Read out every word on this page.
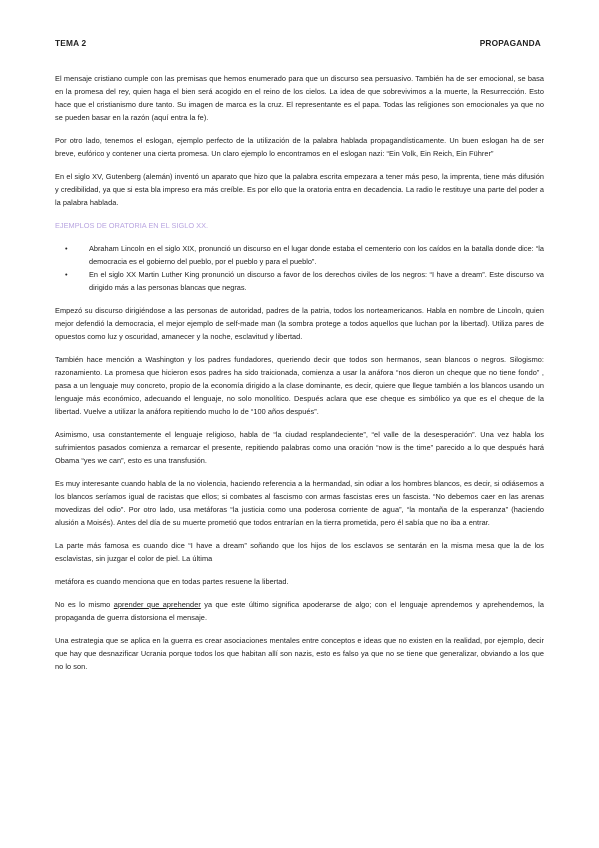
TEMA 2	PROPAGANDA

El mensaje cristiano cumple con las premisas que hemos enumerado para que un discurso sea persuasivo. También ha de ser emocional, se basa en la promesa del rey, quien haga el bien será acogido en el reino de los cielos. La idea de que sobrevivimos a la muerte, la Resurrección. Esto hace que el cristianismo dure tanto. Su imagen de marca es la cruz. El representante es el papa. Todas las religiones son emocionales ya que no se pueden basar en la razón (aquí entra la fe).

Por otro lado, tenemos el eslogan, ejemplo perfecto de la utilización de la palabra hablada propagandísticamente. Un buen eslogan ha de ser breve, eufórico y contener una cierta promesa. Un claro ejemplo lo encontramos en el eslogan nazi: “Ein Volk, Ein Reich, Ein Führer”

En el siglo XV, Gutenberg (alemán) inventó un aparato que hizo que la palabra escrita empezara a tener más peso, la imprenta, tiene más difusión y credibilidad, ya que si esta bla impreso era más creíble. Es por ello que la oratoria entra en decadencia. La radio le restituye una parte del poder a la palabra hablada.

EJEMPLOS DE ORATORIA EN EL SIGLO XX.
•	Abraham Lincoln en el siglo XIX, pronunció un discurso en el lugar donde estaba el cementerio con los caídos en la batalla donde dice: “la democracia es el gobierno del pueblo, por el pueblo y para el pueblo”.
•	En el siglo XX Martin Luther King pronunció un discurso a favor de los derechos civiles de los negros: “I have a dream”. Este discurso va dirigido más a las personas blancas que negras.

Empezó su discurso dirigiéndose a las personas de autoridad, padres de la patria, todos los norteamericanos. Habla en nombre de Lincoln, quien mejor defendió la democracia, el mejor ejemplo de self-made man (la sombra protege a todos aquellos que luchan por la libertad). Utiliza pares de opuestos como luz y oscuridad, amanecer y la noche, esclavitud y libertad.

También hace mención a Washington y los padres fundadores, queriendo decir que todos son hermanos, sean blancos o negros. Silogismo: razonamiento. La promesa que hicieron esos padres ha sido traicionada, comienza a usar la anáfora “nos dieron un cheque que no tiene fondo” , pasa a un lenguaje muy concreto, propio de la economía dirigido a la clase dominante, es decir, quiere que llegue también a los blancos usando un lenguaje más económico, adecuando el lenguaje, no solo monolítico. Después aclara que ese cheque es simbólico ya que es el cheque de la libertad. Vuelve a utilizar la anáfora repitiendo mucho lo de “100 años después”.

Asimismo, usa constantemente el lenguaje religioso, habla de “la ciudad resplandeciente”, “el valle de la desesperación”. Una vez habla los sufrimientos pasados comienza a remarcar el presente, repitiendo palabras como una oración “now is the time” parecido a lo que después hará Obama “yes we can”, esto es una transfusión.

Es muy interesante cuando habla de la no violencia, haciendo referencia a la hermandad, sin odiar a los hombres blancos, es decir, si odiásemos a los blancos seríamos igual de racistas que ellos; si combates al fascismo con armas fascistas eres un fascista. “No debemos caer en las arenas movedizas del odio”. Por otro lado, usa metáforas “la justicia como una poderosa corriente de agua”, “la montaña de la esperanza” (haciendo alusión a Moisés). Antes del día de su muerte prometió que todos entrarían en la tierra prometida, pero él sabía que no iba a entrar.

La parte más famosa es cuando dice “I have a dream” soñando que los hijos de los esclavos se sentarán en la misma mesa que la de los esclavistas, sin juzgar el color de piel. La última

metáfora es cuando menciona que en todas partes resuene la libertad.

No es lo mismo aprender que aprehender ya que este último significa apoderarse de algo; con el lenguaje aprendemos y aprehendemos, la propaganda de guerra distorsiona el mensaje.

Una estrategia que se aplica en la guerra es crear asociaciones mentales entre conceptos e ideas que no existen en la realidad, por ejemplo, decir que hay que desnazificar Ucrania porque todos los que habitan allí son nazis, esto es falso ya que no se tiene que generalizar, obviando a los que no lo son.
